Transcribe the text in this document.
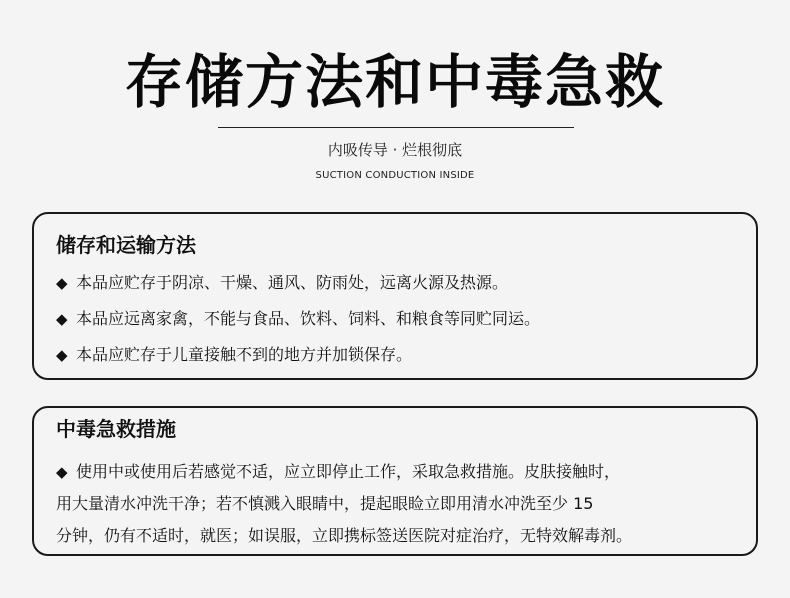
存储方法和中毒急救
内吸传导 · 烂根彻底
SUCTION CONDUCTION INSIDE
储存和运输方法
◆ 本品应贮存于阴凉、干燥、通风、防雨处，远离火源及热源。
◆ 本品应远离家禽，不能与食品、饮料、饲料、和粮食等同贮同运。
◆ 本品应贮存于儿童接触不到的地方并加锁保存。
中毒急救措施
◆ 使用中或使用后若感觉不适，应立即停止工作，采取急救措施。皮肤接触时，
用大量清水冲洗干净；若不慎溅入眼睛中，提起眼睑立即用清水冲洗至少 15
分钟，仍有不适时，就医；如误服，立即携标签送医院对症治疗，无特效解毒剂。
